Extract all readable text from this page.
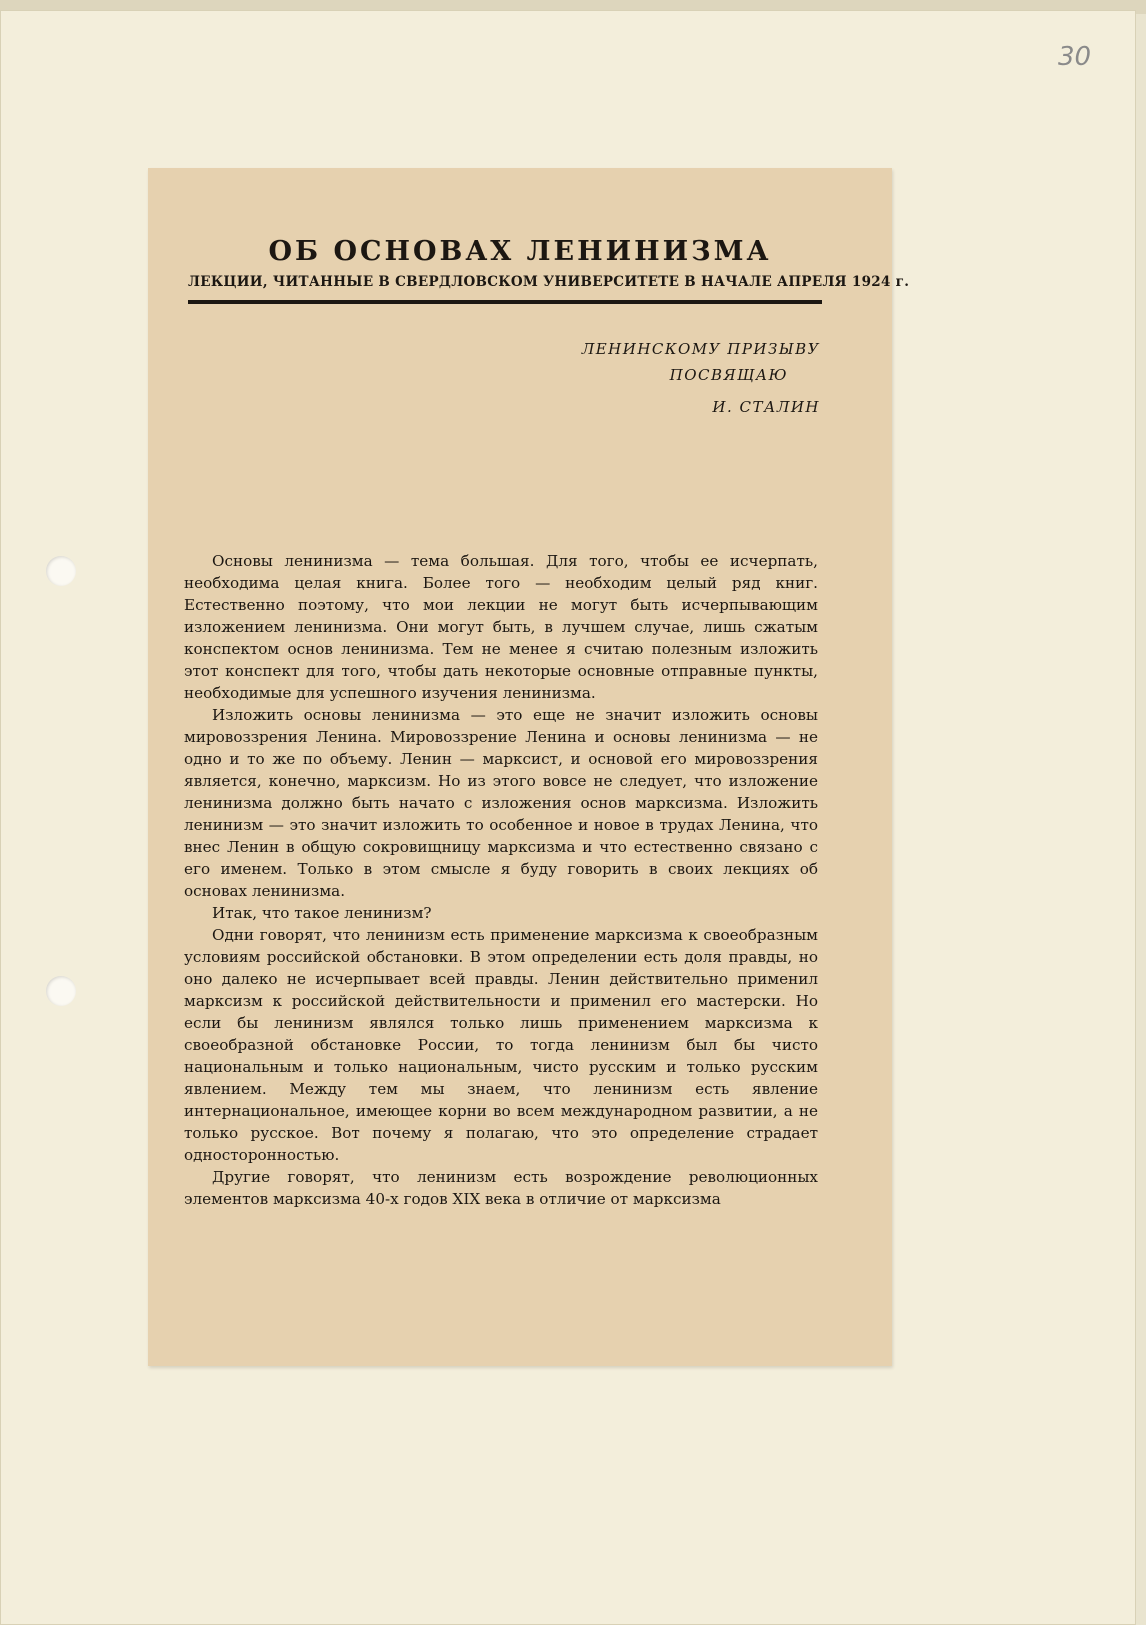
30
ОБ ОСНОВАХ ЛЕНИНИЗМА
ЛЕКЦИИ, ЧИТАННЫЕ В СВЕРДЛОВСКОМ УНИВЕРСИТЕТЕ В НАЧАЛЕ АПРЕЛЯ 1924 г.
ЛЕНИНСКОМУ ПРИЗЫВУ
ПОСВЯЩАЮ
И. СТАЛИН

Основы ленинизма — тема большая. Для того, чтобы ее исчерпать, необходима целая книга. Более того — необходим целый ряд книг. Естественно поэтому, что мои лекции не могут быть исчерпывающим изложением ленинизма. Они могут быть, в лучшем случае, лишь сжатым конспектом основ ленинизма. Тем не менее я считаю полезным изложить этот конспект для того, чтобы дать некоторые основные отправные пункты, необходимые для успешного изучения ленинизма.

Изложить основы ленинизма — это еще не значит изложить основы мировоззрения Ленина. Мировоззрение Ленина и основы ленинизма — не одно и то же по объему. Ленин — марксист, и основой его мировоззрения является, конечно, марксизм. Но из этого вовсе не следует, что изложение ленинизма должно быть начато с изложения основ марксизма. Изложить ленинизм — это значит изложить то особенное и новое в трудах Ленина, что внес Ленин в общую сокровищницу марксизма и что естественно связано с его именем. Только в этом смысле я буду говорить в своих лекциях об основах ленинизма.

Итак, что такое ленинизм?

Одни говорят, что ленинизм есть применение марксизма к своеобразным условиям российской обстановки. В этом определении есть доля правды, но оно далеко не исчерпывает всей правды. Ленин действительно применил марксизм к российской действительности и применил его мастерски. Но если бы ленинизм являлся только лишь применением марксизма к своеобразной обстановке России, то тогда ленинизм был бы чисто национальным и только национальным, чисто русским и только русским явлением. Между тем мы знаем, что ленинизм есть явление интернациональное, имеющее корни во всем международном развитии, а не только русское. Вот почему я полагаю, что это определение страдает односторонностью.

Другие говорят, что ленинизм есть возрождение революционных элементов марксизма 40-х годов XIX века в отличие от марксизма
